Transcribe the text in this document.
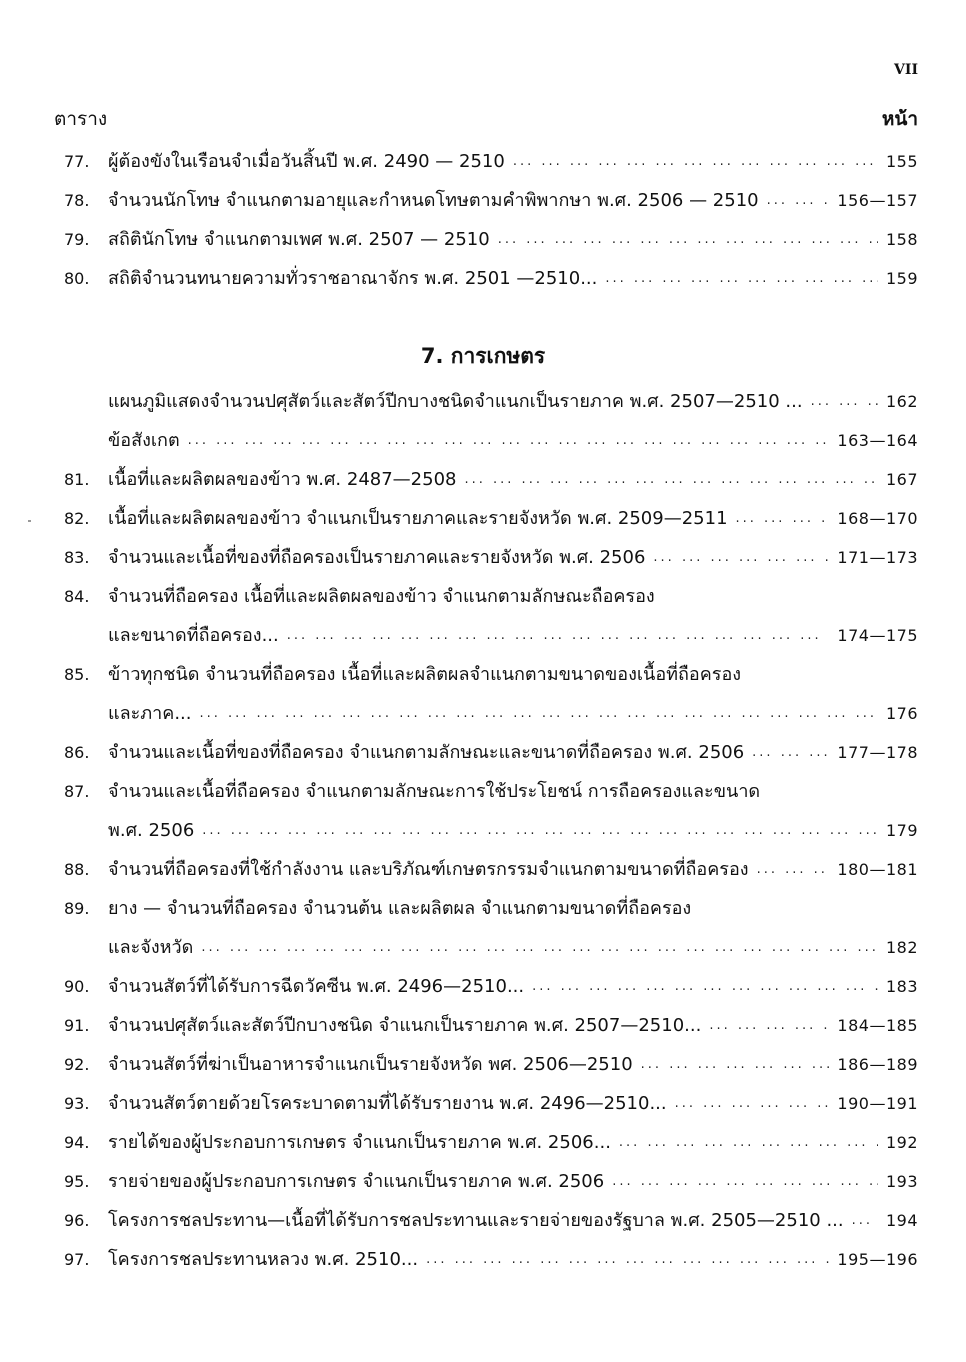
VII
ตาราง	หน้า
7. การเกษตร
77.	ผู้ต้องขังในเรือนจำเมื่อวันสิ้นปี พ.ศ. 2490 — 2510 ... .	155
78.	จำนวนนักโทษ จำแนกตามอายุและกำหนดโทษตามคำพิพากษา พ.ศ. 2506 — 2510 ... .	156—157
79.	สถิตินักโทษ จำแนกตามเพศ พ.ศ. 2507 — 2510 ... .	158
80.	สถิติจำนวนทนายความทั่วราชอาณาจักร พ.ศ. 2501 —2510... ... .	159
แผนภูมิแสดงจำนวนปศุสัตว์และสัตว์ปีกบางชนิดจำแนกเป็นรายภาค พ.ศ. 2507—2510 ... ... .	162
ข้อสังเกต ... .	163—164
81.	เนื้อที่และผลิตผลของข้าว พ.ศ. 2487—2508 ... .	167
82.	เนื้อที่และผลิตผลของข้าว จำแนกเป็นรายภาคและรายจังหวัด พ.ศ. 2509—2511 ... .	168—170
83.	จำนวนและเนื้อที่ของที่ถือครองเป็นรายภาคและรายจังหวัด พ.ศ. 2506 ... .	171—173
84.	จำนวนที่ถือครอง เนื้อที่และผลิตผลของข้าว จำแนกตามลักษณะถือครอง
และขนาดที่ถือครอง... ... .	174—175
85.	ข้าวทุกชนิด จำนวนที่ถือครอง เนื้อที่และผลิตผลจำแนกตามขนาดของเนื้อที่ถือครอง
และภาค... ... .	176
86.	จำนวนและเนื้อที่ของที่ถือครอง จำแนกตามลักษณะและขนาดที่ถือครอง พ.ศ. 2506 ... .	177—178
87.	จำนวนและเนื้อที่ถือครอง จำแนกตามลักษณะการใช้ประโยชน์ การถือครองและขนาด
พ.ศ. 2506 ... .	179
88.	จำนวนที่ถือครองที่ใช้กำลังงาน และบริภัณฑ์เกษตรกรรมจำแนกตามขนาดที่ถือครอง ... .	180—181
89.	ยาง — จำนวนที่ถือครอง จำนวนต้น และผลิตผล จำแนกตามขนาดที่ถือครอง
และจังหวัด ... .	182
90.	จำนวนสัตว์ที่ได้รับการฉีดวัคซีน พ.ศ. 2496—2510... ... .	183
91.	จำนวนปศุสัตว์และสัตว์ปีกบางชนิด จำแนกเป็นรายภาค พ.ศ. 2507—2510... ... .	184—185
92.	จำนวนสัตว์ที่ฆ่าเป็นอาหารจำแนกเป็นรายจังหวัด พศ. 2506—2510 ... .	186—189
93.	จำนวนสัตว์ตายด้วยโรคระบาดตามที่ได้รับรายงาน พ.ศ. 2496—2510... ... .	190—191
94.	รายได้ของผู้ประกอบการเกษตร จำแนกเป็นรายภาค พ.ศ. 2506... ... .	192
95.	รายจ่ายของผู้ประกอบการเกษตร จำแนกเป็นรายภาค พ.ศ. 2506 ... .	193
96.	โครงการชลประทาน—เนื้อที่ได้รับการชลประทานและรายจ่ายของรัฐบาล พ.ศ. 2505—2510 ... ... .	194
97.	โครงการชลประทานหลวง พ.ศ. 2510... ... .	195—196
